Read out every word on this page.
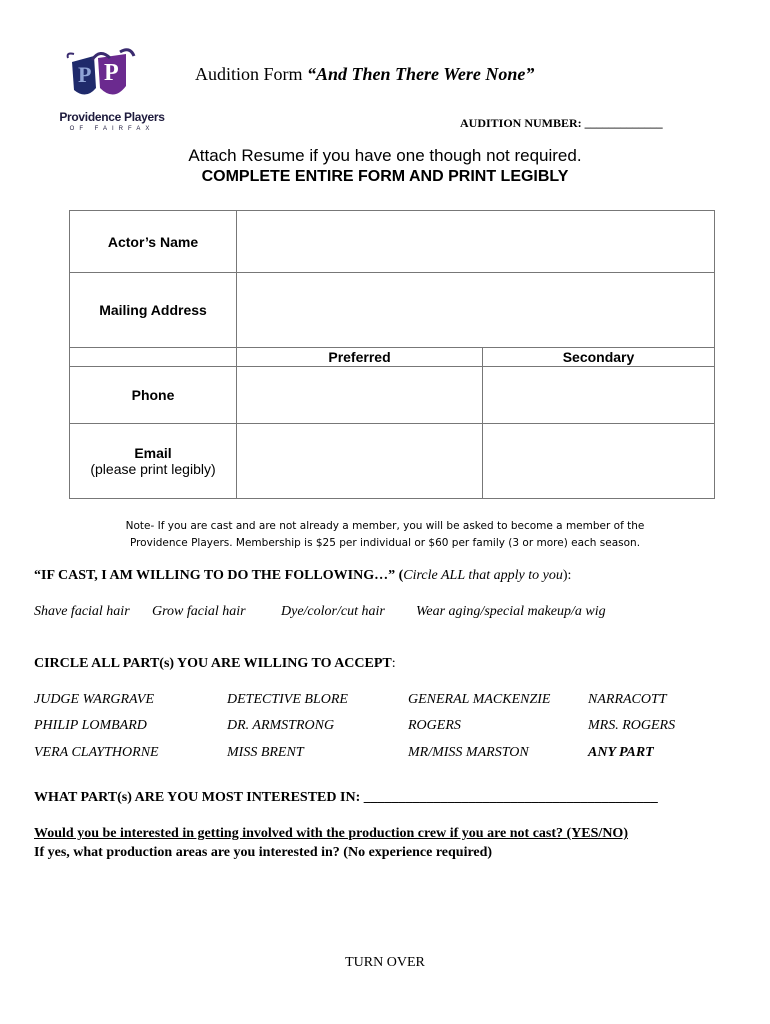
P P
Providence Players
OF FAIRFAX
Audition Form “And Then There Were None”
AUDITION NUMBER: _____________
Attach Resume if you have one though not required.
COMPLETE ENTIRE FORM AND PRINT LEGIBLY
Actor’s Name		
Mailing Address		
	Preferred	Secondary
Phone		
Email
(please print legibly)		

Note- If you are cast and are not already a member, you will be asked to become a member of the
Providence Players. Membership is $25 per individual or $60 per family (3 or more) each season.
“IF CAST, I AM WILLING TO DO THE FOLLOWING…” (Circle ALL that apply to you):
Shave facial hair Grow facial hair	Dye/color/cut hair Wear aging/special makeup/a wig
CIRCLE ALL PART(s) YOU ARE WILLING TO ACCEPT:
JUDGE WARGRAVE	DETECTIVE BLORE	GENERAL MACKENZIE	NARRACOTT
PHILIP LOMBARD	DR. ARMSTRONG	ROGERS	MRS. ROGERS
VERA CLAYTHORNE	MISS BRENT	MR/MISS MARSTON	ANY PART
WHAT PART(s) ARE YOU MOST INTERESTED IN: __________________________________________
Would you be interested in getting involved with the production crew if you are not cast? (YES/NO)
If yes, what production areas are you interested in? (No experience required)
TURN OVER
